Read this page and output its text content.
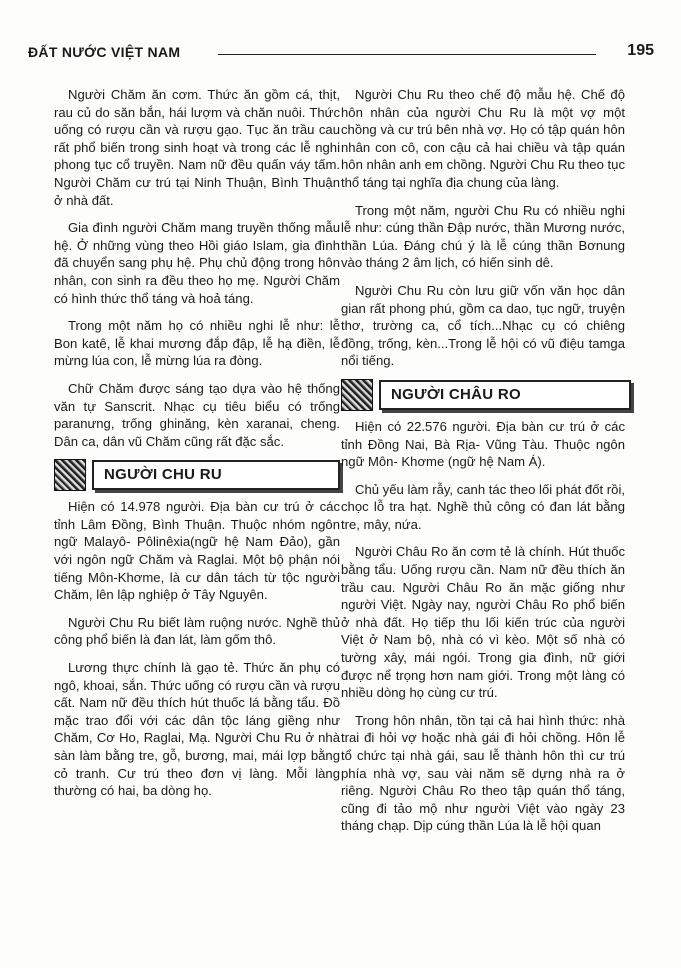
ĐẤT NƯỚC VIỆT NAM	195

Người Chăm ăn cơm. Thức ăn gồm cá, thịt, rau củ do săn bắn, hái lượm và chăn nuôi. Thức uống có rượu cần và rượu gạo. Tục ăn trầu cau rất phổ biến trong sinh hoạt và trong các lễ nghi phong tục cổ truyền. Nam nữ đều quấn váy tấm. Người Chăm cư trú tại Ninh Thuận, Bình Thuận ở nhà đất.

Gia đình người Chăm mang truyền thống mẫu hệ. Ở những vùng theo Hồi giáo Islam, gia đình đã chuyển sang phụ hệ. Phụ chủ động trong hôn nhân, con sinh ra đều theo họ mẹ. Người Chăm có hình thức thổ táng và hoả táng.

Trong một năm họ có nhiều nghi lễ như: lễ Bon katê, lễ khai mương đắp đập, lễ hạ điền, lễ mừng lúa con, lễ mừng lúa ra đòng.

Chữ Chăm được sáng tạo dựa vào hệ thống văn tự Sanscrit. Nhạc cụ tiêu biểu có trống paranưng, trống ghinăng, kèn xaranai, cheng. Dân ca, dân vũ Chăm cũng rất đặc sắc.

NGƯỜI CHU RU

Hiện có 14.978 người. Địa bàn cư trú ở các tỉnh Lâm Đồng, Bình Thuận. Thuộc nhóm ngôn ngữ Malayô- Pôlinêxia(ngữ hệ Nam Đảo), gần với ngôn ngữ Chăm và Raglai. Một bộ phận nói tiếng Môn-Khơme, là cư dân tách từ tộc người Chăm, lên lập nghiệp ở Tây Nguyên.

Người Chu Ru biết làm ruộng nước. Nghề thủ công phổ biến là đan lát, làm gốm thô.

Lương thực chính là gạo tẻ. Thức ăn phụ có ngô, khoai, sắn. Thức uống có rượu cần và rượu cất. Nam nữ đều thích hút thuốc lá bằng tẩu. Đồ mặc trao đổi với các dân tộc láng giềng như Chăm, Cơ Ho, Raglai, Mạ. Người Chu Ru ở nhà sàn làm bằng tre, gỗ, bương, mai, mái lợp bằng cỏ tranh. Cư trú theo đơn vị làng. Mỗi làng thường có hai, ba dòng họ.

Người Chu Ru theo chế độ mẫu hệ. Chế độ hôn nhân của người Chu Ru là một vợ một chồng và cư trú bên nhà vợ. Họ có tập quán hôn nhân con cô, con cậu cả hai chiều và tập quán hôn nhân anh em chồng. Người Chu Ru theo tục thổ táng tại nghĩa địa chung của làng.

Trong một năm, người Chu Ru có nhiều nghi lễ như: cúng thần Đập nước, thần Mương nước, thần Lúa. Đáng chú ý là lễ cúng thần Bơnung vào tháng 2 âm lịch, có hiến sinh dê.

Người Chu Ru còn lưu giữ vốn văn học dân gian rất phong phú, gồm ca dao, tục ngữ, truyện thơ, trường ca, cổ tích...Nhạc cụ có chiêng đồng, trống, kèn...Trong lễ hội có vũ điệu tamga nổi tiếng.

NGƯỜI CHÂU RO

Hiện có 22.576 người. Địa bàn cư trú ở các tỉnh Đồng Nai, Bà Rịa- Vũng Tàu. Thuộc ngôn ngữ Môn- Khơme (ngữ hệ Nam Á).

Chủ yếu làm rẫy, canh tác theo lối phát đốt rồi, chọc lỗ tra hạt. Nghề thủ công có đan lát bằng tre, mây, nứa.

Người Châu Ro ăn cơm tẻ là chính. Hút thuốc bằng tẩu. Uống rượu cần. Nam nữ đều thích ăn trầu cau. Người Châu Ro ăn mặc giống như người Việt. Ngày nay, người Châu Ro phổ biến ở nhà đất. Họ tiếp thu lối kiến trúc của người Việt ở Nam bộ, nhà có vì kèo. Một số nhà có tường xây, mái ngói. Trong gia đình, nữ giới được nể trọng hơn nam giới. Trong một làng có nhiều dòng họ cùng cư trú.

Trong hôn nhân, tồn tại cả hai hình thức: nhà trai đi hỏi vợ hoặc nhà gái đi hỏi chồng. Hôn lễ tổ chức tại nhà gái, sau lễ thành hôn thì cư trú phía nhà vợ, sau vài năm sẽ dựng nhà ra ở riêng. Người Châu Ro theo tập quán thổ táng, cũng đi tảo mộ như người Việt vào ngày 23 tháng chạp. Dịp cúng thần Lúa là lễ hội quan
